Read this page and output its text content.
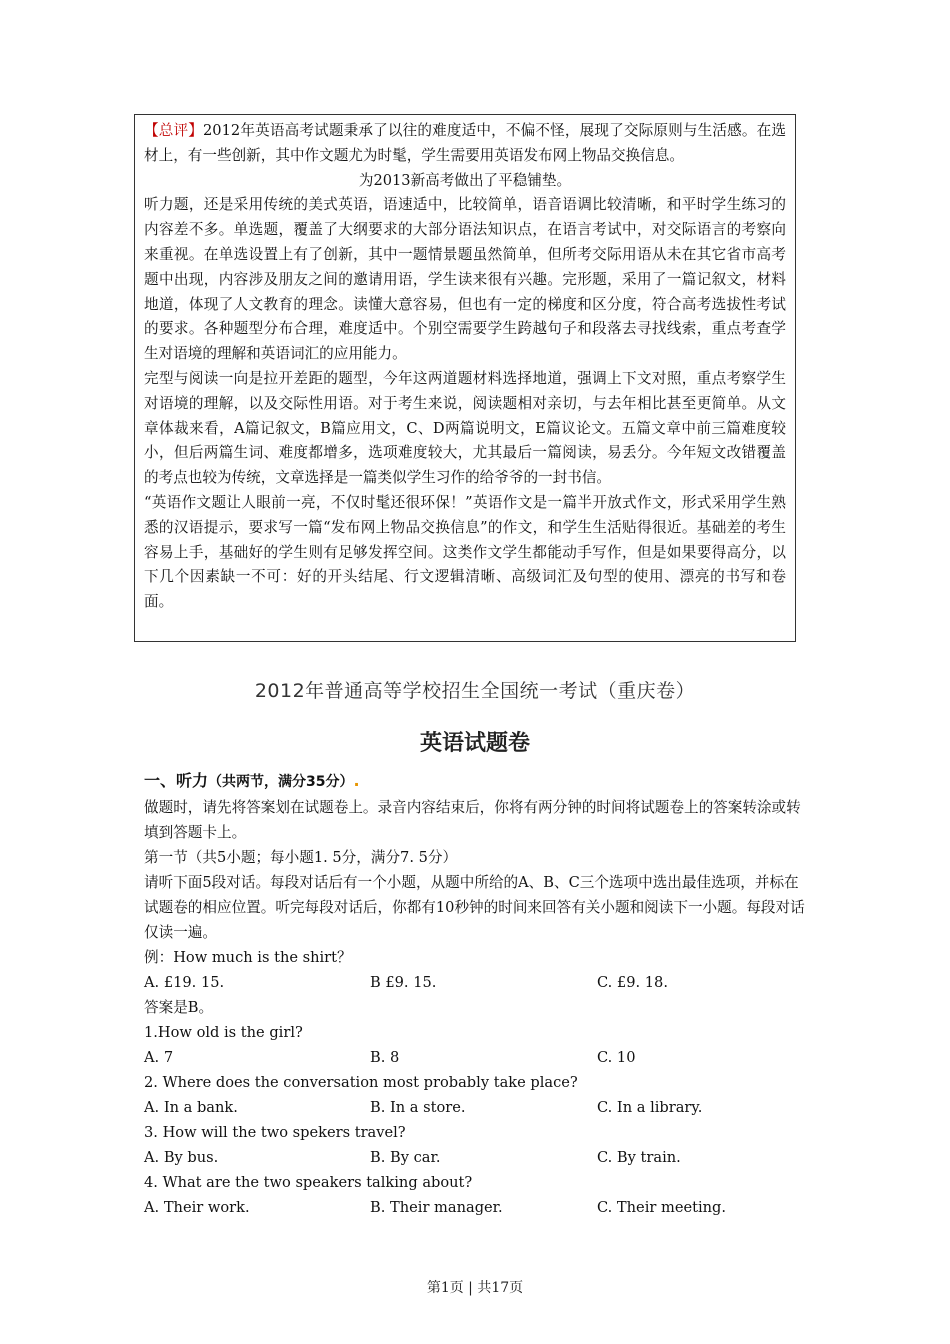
【总评】2012年英语高考试题秉承了以往的难度适中，不偏不怪，展现了交际原则与生活感。在选材上，有一些创新，其中作文题尤为时髦，学生需要用英语发布网上物品交换信息。

为2013新高考做出了平稳铺垫。

听力题，还是采用传统的美式英语，语速适中，比较简单，语音语调比较清晰，和平时学生练习的内容差不多。单选题，覆盖了大纲要求的大部分语法知识点，在语言考试中，对交际语言的考察向来重视。在单选设置上有了创新，其中一题情景题虽然简单，但所考交际用语从未在其它省市高考题中出现，内容涉及朋友之间的邀请用语，学生读来很有兴趣。完形题，采用了一篇记叙文，材料地道，体现了人文教育的理念。读懂大意容易，但也有一定的梯度和区分度，符合高考选拔性考试的要求。各种题型分布合理，难度适中。个别空需要学生跨越句子和段落去寻找线索，重点考查学生对语境的理解和英语词汇的应用能力。

完型与阅读一向是拉开差距的题型，今年这两道题材料选择地道，强调上下文对照，重点考察学生对语境的理解，以及交际性用语。对于考生来说，阅读题相对亲切，与去年相比甚至更简单。从文章体裁来看，A篇记叙文，B篇应用文，C、D两篇说明文，E篇议论文。五篇文章中前三篇难度较小，但后两篇生词、难度都增多，选项难度较大，尤其最后一篇阅读，易丢分。今年短文改错覆盖的考点也较为传统，文章选择是一篇类似学生习作的给爷爷的一封书信。

“英语作文题让人眼前一亮，不仅时髦还很环保！”英语作文是一篇半开放式作文，形式采用学生熟悉的汉语提示，要求写一篇“发布网上物品交换信息”的作文，和学生生活贴得很近。基础差的考生容易上手，基础好的学生则有足够发挥空间。这类作文学生都能动手写作，但是如果要得高分，以下几个因素缺一不可：好的开头结尾、行文逻辑清晰、高级词汇及句型的使用、漂亮的书写和卷面。

2012年普通高等学校招生全国统一考试（重庆卷）
英语试题卷

一、听力（共两节，满分35分）.

做题时，请先将答案划在试题卷上。录音内容结束后，你将有两分钟的时间将试题卷上的答案转涂或转填到答题卡上。

第一节（共5小题；每小题1. 5分，满分7. 5分）

请听下面5段对话。每段对话后有一个小题，从题中所给的A、B、C三个选项中选出最佳选项，并标在试题卷的相应位置。听完每段对话后，你都有10秒钟的时间来回答有关小题和阅读下一小题。每段对话仅读一遍。

例：How much is the shirt？

A. £19. 15.	B £9. 15.	C. £9. 18.

答案是B。

1.How old is the girl?

A. 7	B. 8	C. 10

2. Where does the conversation most probably take place?

A. In a bank.	B. In a store.	C. In a library.

3. How will the two spekers travel?

A. By bus.	B. By car.	C. By train.

4. What are the two speakers talking about?

A. Their work.	B. Their manager.	C. Their meeting.
第1页 | 共17页
